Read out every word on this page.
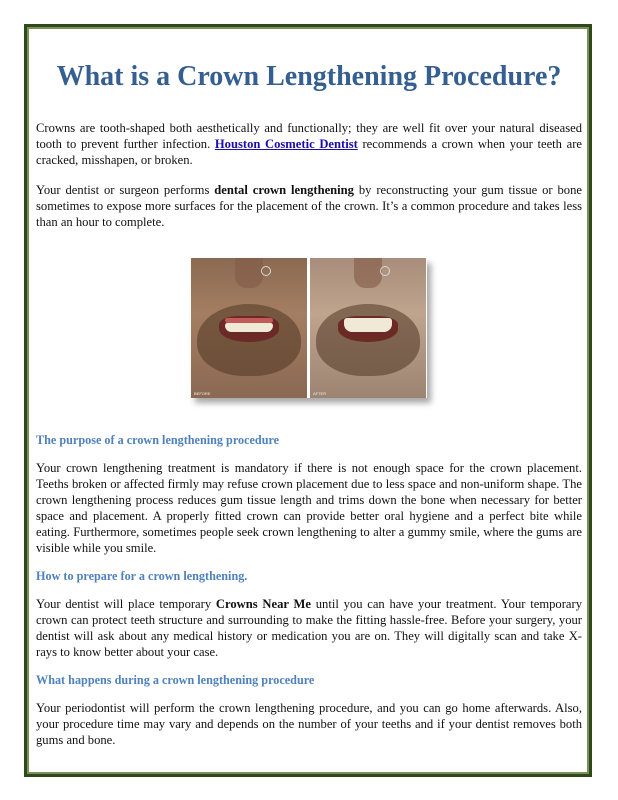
What is a Crown Lengthening Procedure?

Crowns are tooth-shaped both aesthetically and functionally; they are well fit over your natural diseased tooth to prevent further infection. Houston Cosmetic Dentist recommends a crown when your teeth are cracked, misshapen, or broken.

Your dentist or surgeon performs dental crown lengthening by reconstructing your gum tissue or bone sometimes to expose more surfaces for the placement of the crown. It’s a common procedure and takes less than an hour to complete.

BEFORE	AFTER
The purpose of a crown lengthening procedure

Your crown lengthening treatment is mandatory if there is not enough space for the crown placement. Teeths broken or affected firmly may refuse crown placement due to less space and non-uniform shape. The crown lengthening process reduces gum tissue length and trims down the bone when necessary for better space and placement. A properly fitted crown can provide better oral hygiene and a perfect bite while eating. Furthermore, sometimes people seek crown lengthening to alter a gummy smile, where the gums are visible while you smile.

How to prepare for a crown lengthening.

Your dentist will place temporary Crowns Near Me until you can have your treatment. Your temporary crown can protect teeth structure and surrounding to make the fitting hassle-free. Before your surgery, your dentist will ask about any medical history or medication you are on. They will digitally scan and take X-rays to know better about your case.

What happens during a crown lengthening procedure

Your periodontist will perform the crown lengthening procedure, and you can go home afterwards. Also, your procedure time may vary and depends on the number of your teeths and if your dentist removes both gums and bone.
